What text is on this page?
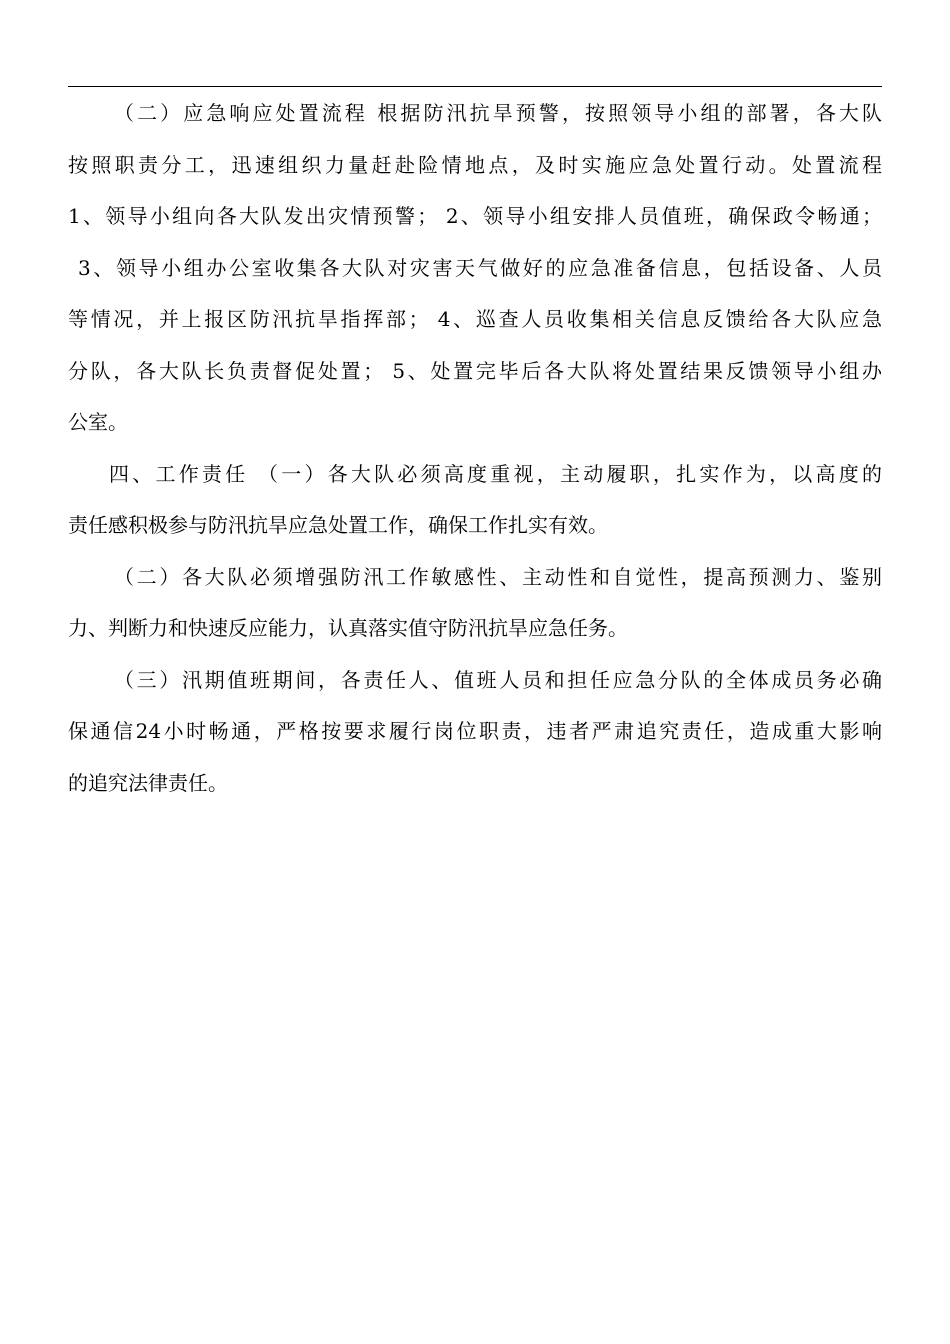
（二）应急响应处置流程 根据防汛抗旱预警，按照领导小组的部署，各大队
按照职责分工，迅速组织力量赶赴险情地点，及时实施应急处置行动。处置流程
1、领导小组向各大队发出灾情预警； 2、领导小组安排人员值班，确保政令畅通；
3、领导小组办公室收集各大队对灾害天气做好的应急准备信息，包括设备、人员
等情况，并上报区防汛抗旱指挥部； 4、巡查人员收集相关信息反馈给各大队应急
分队，各大队长负责督促处置； 5、处置完毕后各大队将处置结果反馈领导小组办
公室。
四、工作责任 （一）各大队必须高度重视，主动履职，扎实作为，以高度的
责任感积极参与防汛抗旱应急处置工作，确保工作扎实有效。
（二）各大队必须增强防汛工作敏感性、主动性和自觉性，提高预测力、鉴别
力、判断力和快速反应能力，认真落实值守防汛抗旱应急任务。
（三）汛期值班期间，各责任人、值班人员和担任应急分队的全体成员务必确
保通信24小时畅通，严格按要求履行岗位职责，违者严肃追究责任，造成重大影响
的追究法律责任。
